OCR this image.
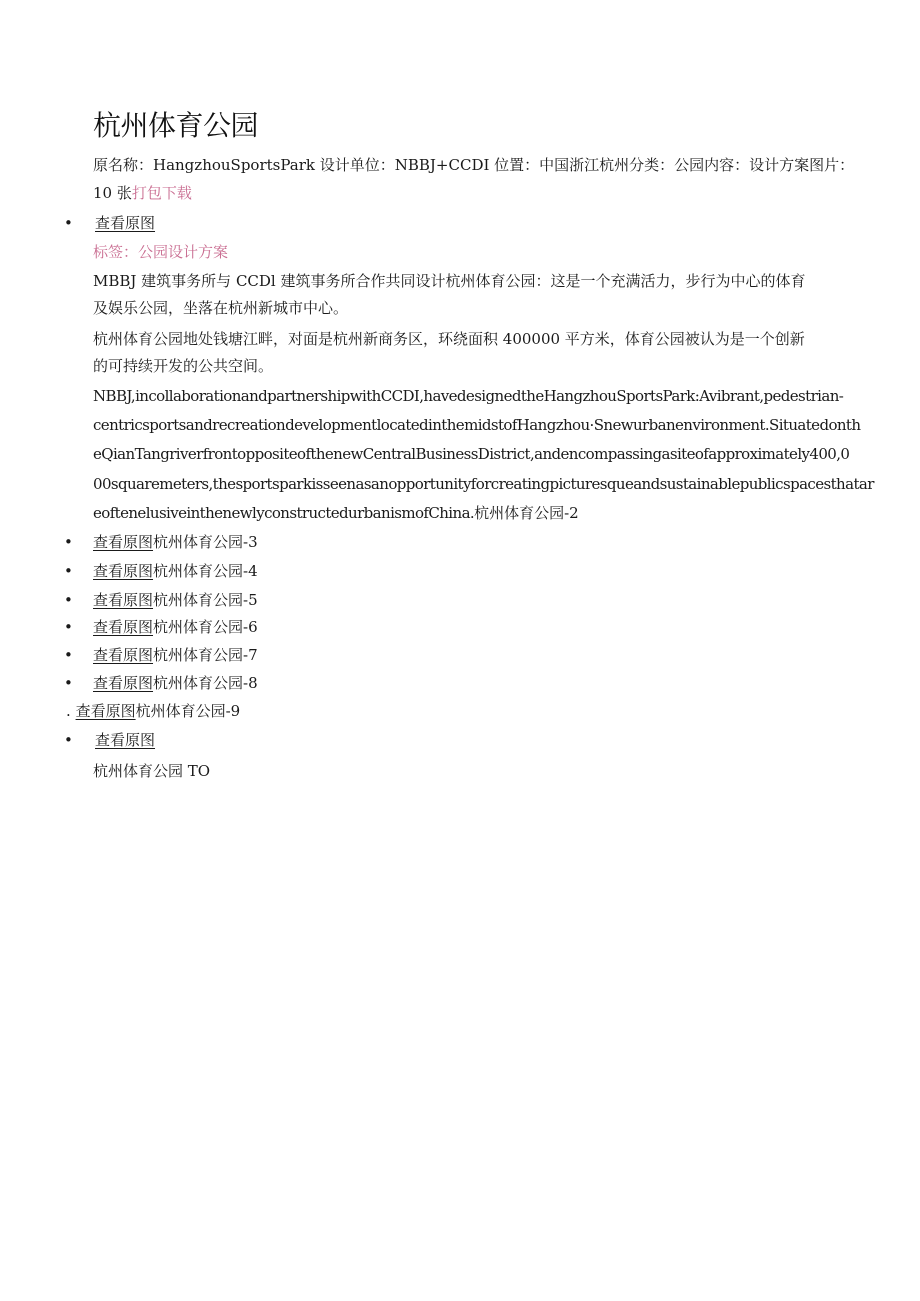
杭州体育公园
原名称：HangzhouSportsPark 设计单位：NBBJ+CCDI 位置：中国浙江杭州分类：公园内容：设计方案图片：
10 张打包下载
• 查看原图
标签：公园设计方案
MBBJ 建筑事务所与 CCDl 建筑事务所合作共同设计杭州体育公园：这是一个充满活力，步行为中心的体育
及娱乐公园，坐落在杭州新城市中心。
杭州体育公园地处钱塘江畔，对面是杭州新商务区，环绕面积 400000 平方米，体育公园被认为是一个创新
的可持续开发的公共空间。
NBBJ,incollaborationandpartnershipwithCCDI,havedesignedtheHangzhouSportsPark:Avibrant,pedestrian-
centricsportsandrecreationdevelopmentlocatedinthemidstofHangzhou·Snewurbanenvironment.Situatedonth
eQianTangriverfrontoppositeofthenewCentralBusinessDistrict,andencompassingasiteofapproximately400,0
00squaremeters,thesportsparkisseenasanopportunityforcreatingpicturesqueandsustainablepublicspacesthatar
eoftenelusiveinthenewlyconstructedurbanismofChina.杭州体育公园-2
• 查看原图杭州体育公园-3
• 查看原图杭州体育公园-4
• 查看原图杭州体育公园-5
• 查看原图杭州体育公园-6
• 查看原图杭州体育公园-7
• 查看原图杭州体育公园-8
. 查看原图杭州体育公园-9
• 查看原图
杭州体育公园 TO
